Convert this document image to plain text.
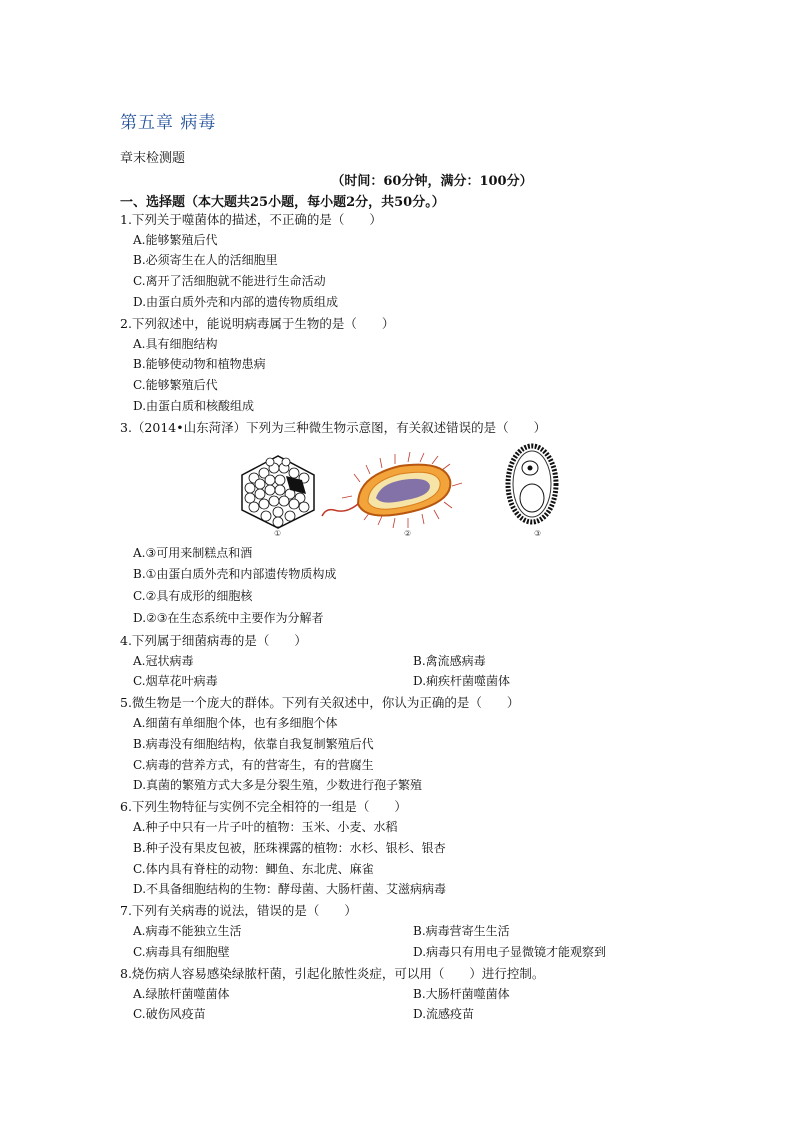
第五章 病毒
章末检测题
（时间：60分钟，满分：100分）
一、选择题（本大题共25小题，每小题2分，共50分。）
1.下列关于噬菌体的描述，不正确的是（　　）
A.能够繁殖后代
B.必须寄生在人的活细胞里
C.离开了活细胞就不能进行生命活动
D.由蛋白质外壳和内部的遗传物质组成
2.下列叙述中，能说明病毒属于生物的是（　　）
A.具有细胞结构
B.能够使动物和植物患病
C.能够繁殖后代
D.由蛋白质和核酸组成
3.（2014•山东菏泽）下列为三种微生物示意图，有关叙述错误的是（　　）
①	②	③
A.③可用来制糕点和酒
B.①由蛋白质外壳和内部遗传物质构成
C.②具有成形的细胞核
D.②③在生态系统中主要作为分解者
4.下列属于细菌病毒的是（　　）
A.冠状病毒	B.禽流感病毒
C.烟草花叶病毒	D.痢疾杆菌噬菌体
5.微生物是一个庞大的群体。下列有关叙述中，你认为正确的是（　　）
A.细菌有单细胞个体，也有多细胞个体
B.病毒没有细胞结构，依靠自我复制繁殖后代
C.病毒的营养方式，有的营寄生，有的营腐生
D.真菌的繁殖方式大多是分裂生殖，少数进行孢子繁殖
6.下列生物特征与实例不完全相符的一组是（　　）
A.种子中只有一片子叶的植物：玉米、小麦、水稻
B.种子没有果皮包被，胚珠裸露的植物：水杉、银杉、银杏
C.体内具有脊柱的动物：鲫鱼、东北虎、麻雀
D.不具备细胞结构的生物：酵母菌、大肠杆菌、艾滋病病毒
7.下列有关病毒的说法，错误的是（　　）
A.病毒不能独立生活	B.病毒营寄生生活
C.病毒具有细胞壁	D.病毒只有用电子显微镜才能观察到
8.烧伤病人容易感染绿脓杆菌，引起化脓性炎症，可以用（　　）进行控制。
A.绿脓杆菌噬菌体	B.大肠杆菌噬菌体
C.破伤风疫苗	D.流感疫苗
